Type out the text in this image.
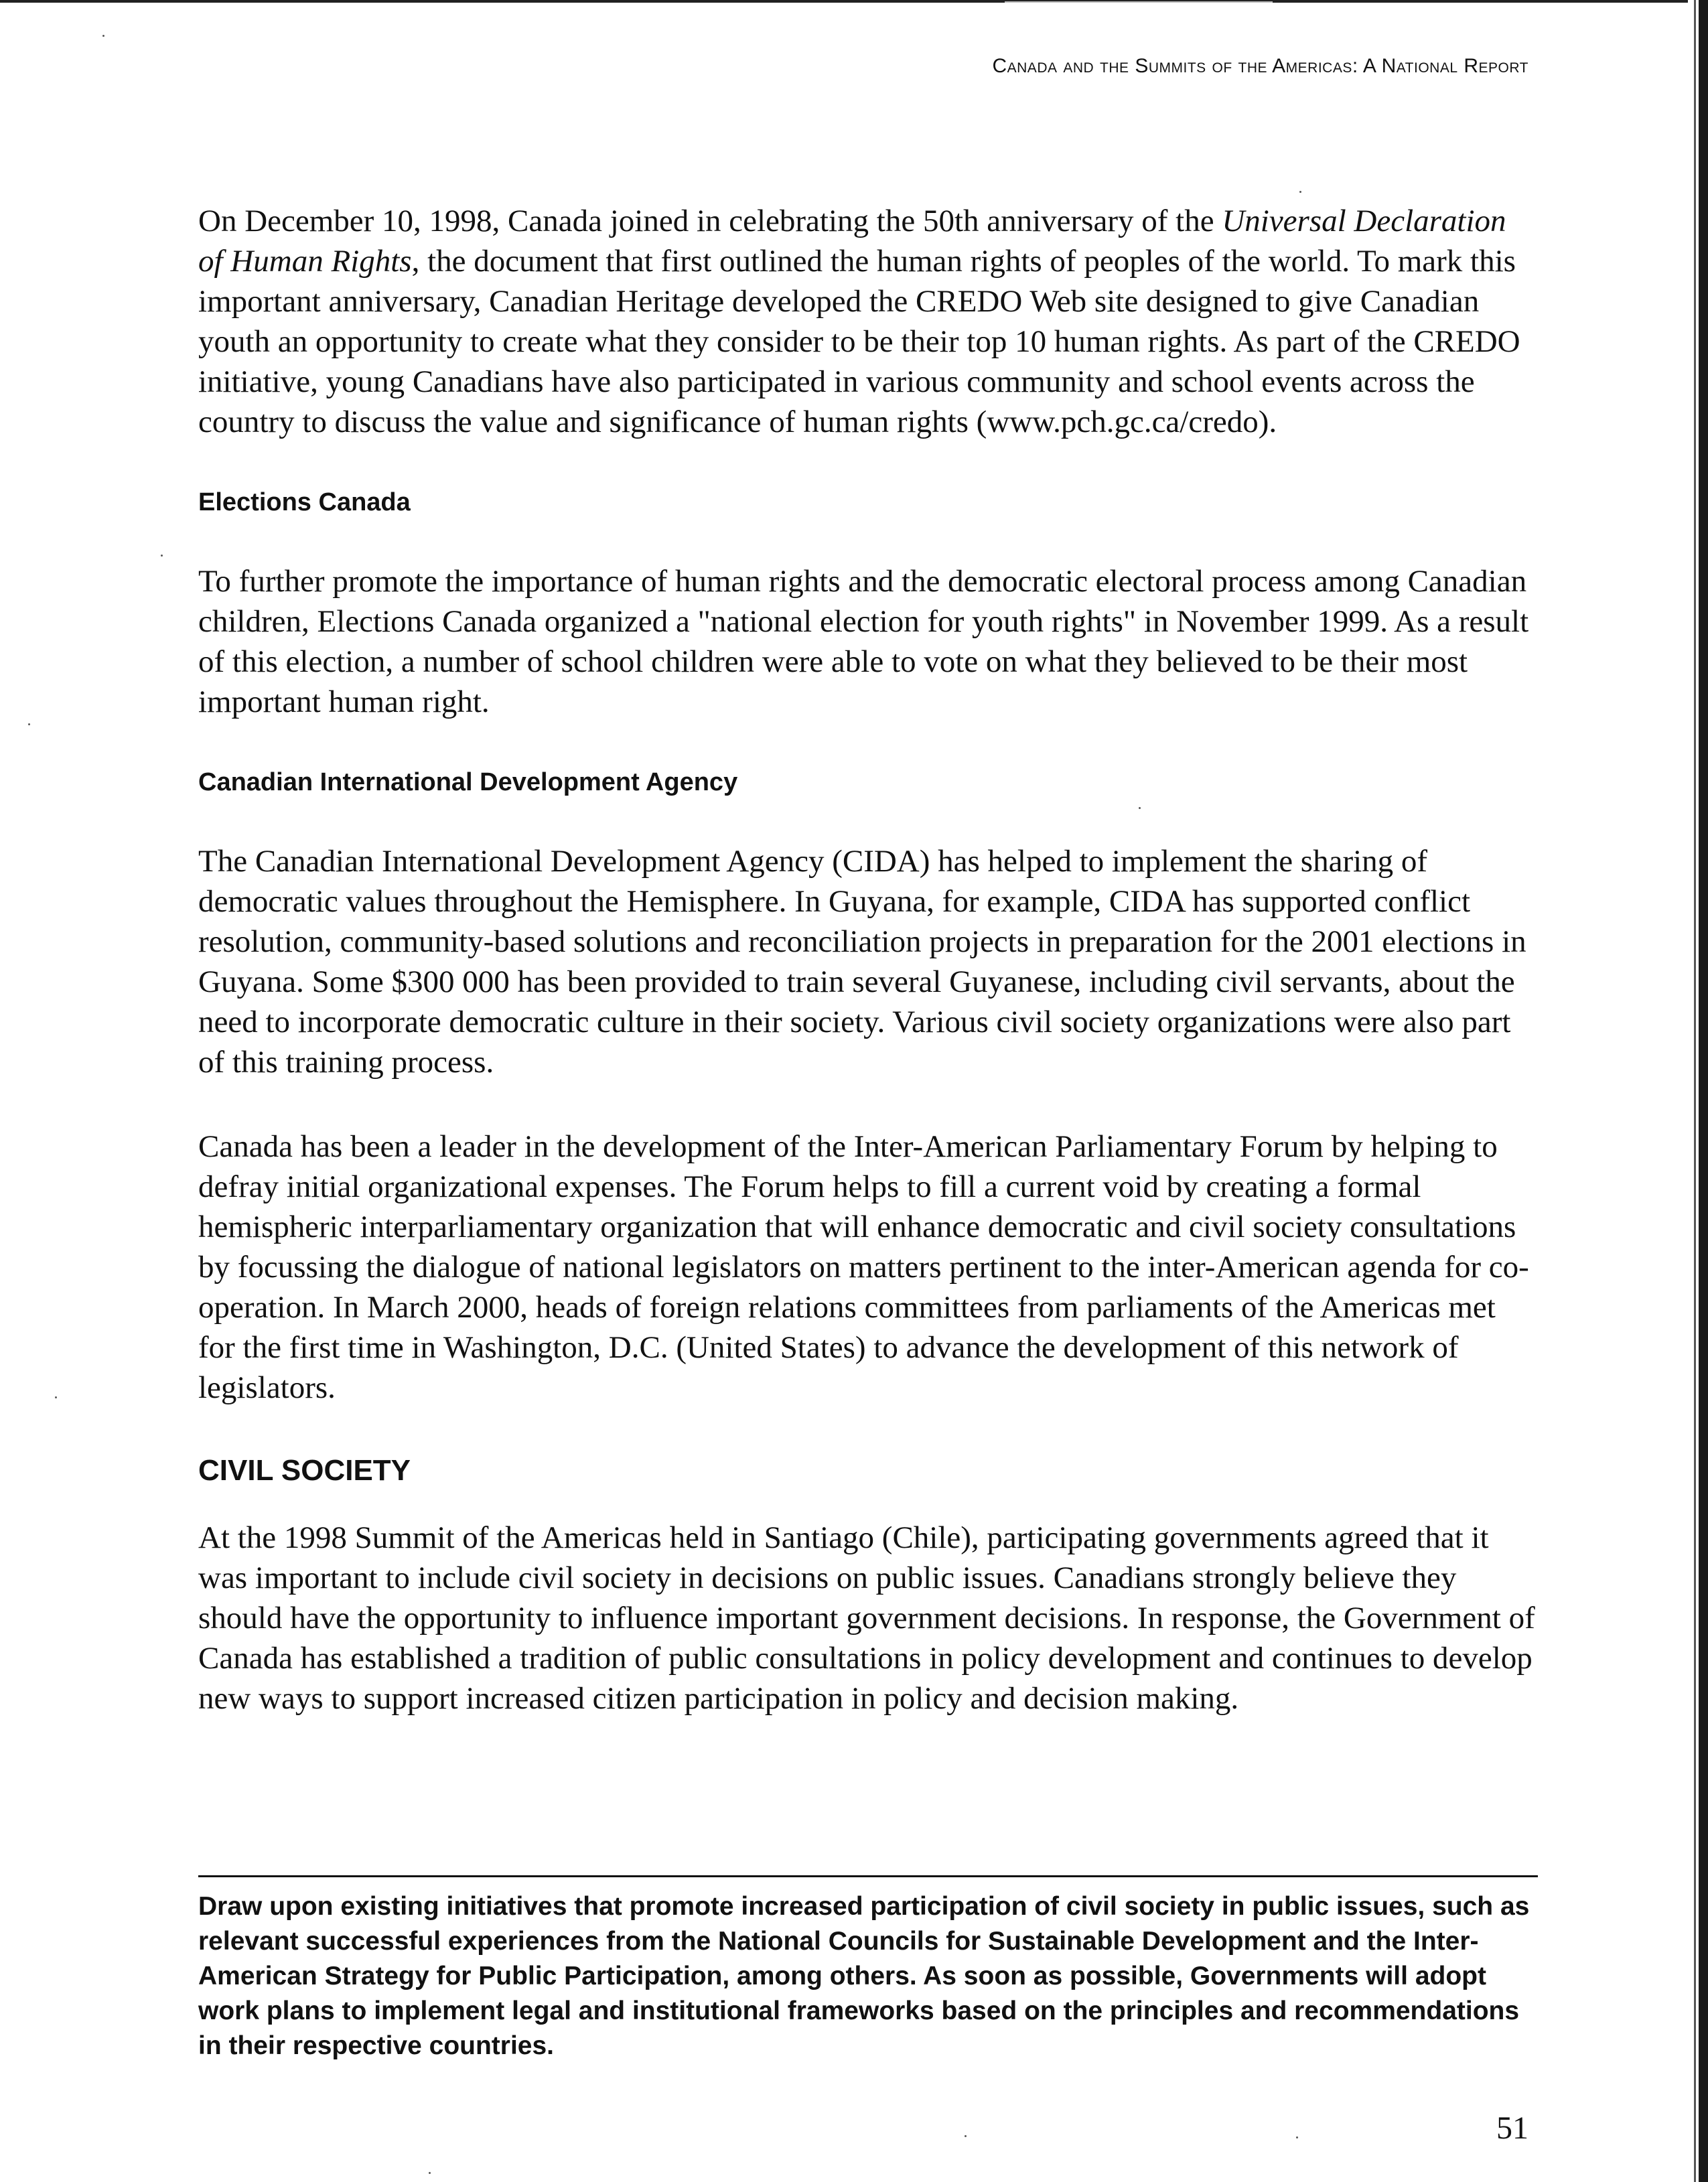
Canada and the Summits of the Americas: A National Report

On December 10, 1998, Canada joined in celebrating the 50th anniversary of the Universal Declaration of Human Rights, the document that first outlined the human rights of peoples of the world. To mark this important anniversary, Canadian Heritage developed the CREDO Web site designed to give Canadian youth an opportunity to create what they consider to be their top 10 human rights. As part of the CREDO initiative, young Canadians have also participated in various community and school events across the country to discuss the value and significance of human rights (www.pch.gc.ca/credo).

Elections Canada

To further promote the importance of human rights and the democratic electoral process among Canadian children, Elections Canada organized a "national election for youth rights" in November 1999. As a result of this election, a number of school children were able to vote on what they believed to be their most important human right.

Canadian International Development Agency

The Canadian International Development Agency (CIDA) has helped to implement the sharing of democratic values throughout the Hemisphere. In Guyana, for example, CIDA has supported conflict resolution, community-based solutions and reconciliation projects in preparation for the 2001 elections in Guyana. Some $300 000 has been provided to train several Guyanese, including civil servants, about the need to incorporate democratic culture in their society. Various civil society organizations were also part of this training process.

Canada has been a leader in the development of the Inter-American Parliamentary Forum by helping to defray initial organizational expenses. The Forum helps to fill a current void by creating a formal hemispheric interparliamentary organization that will enhance democratic and civil society consultations by focussing the dialogue of national legislators on matters pertinent to the inter-American agenda for co-operation. In March 2000, heads of foreign relations committees from parliaments of the Americas met for the first time in Washington, D.C. (United States) to advance the development of this network of legislators.

CIVIL SOCIETY

At the 1998 Summit of the Americas held in Santiago (Chile), participating governments agreed that it was important to include civil society in decisions on public issues. Canadians strongly believe they should have the opportunity to influence important government decisions. In response, the Government of Canada has established a tradition of public consultations in policy development and continues to develop new ways to support increased citizen participation in policy and decision making.

Draw upon existing initiatives that promote increased participation of civil society in public issues, such as relevant successful experiences from the National Councils for Sustainable Development and the Inter-American Strategy for Public Participation, among others. As soon as possible, Governments will adopt work plans to implement legal and institutional frameworks based on the principles and recommendations in their respective countries.

51
